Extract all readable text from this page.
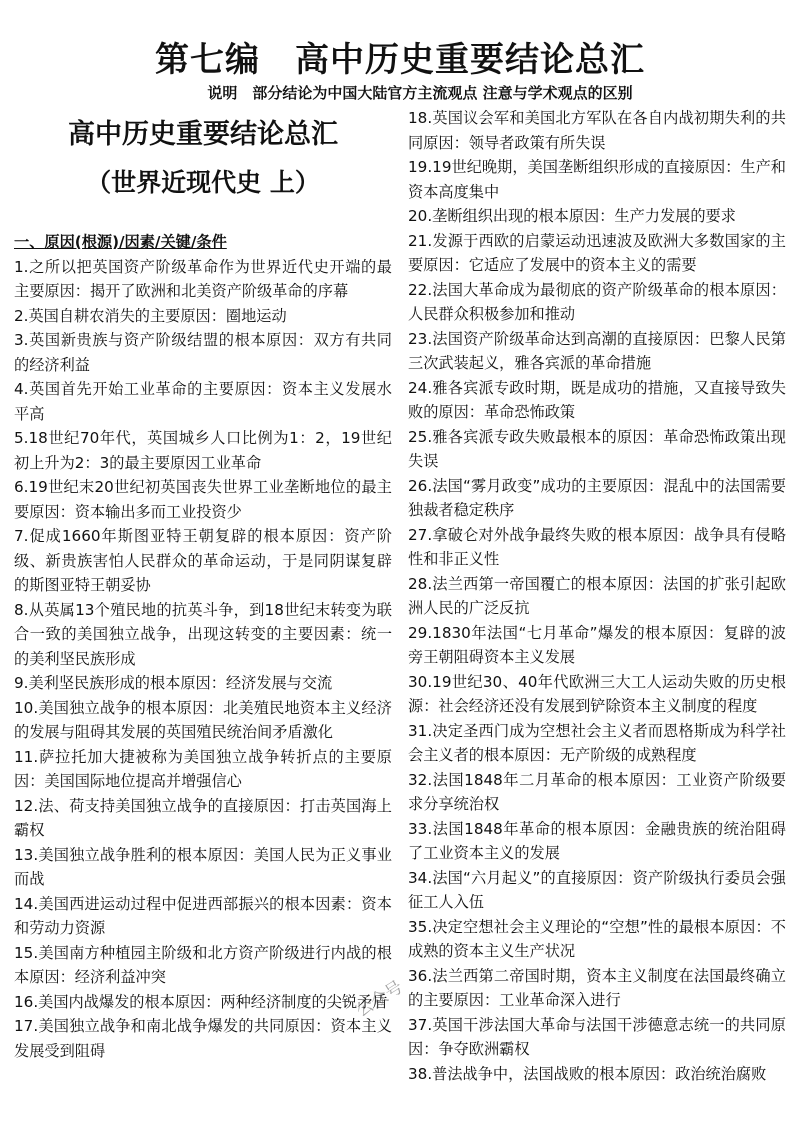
第七编　高中历史重要结论总汇
说明　部分结论为中国大陆官方主流观点 注意与学术观点的区别
高中历史重要结论总汇
（世界近现代史 上）
一、原因(根源)/因素/关键/条件
1.之所以把英国资产阶级革命作为世界近代史开端的最主要原因：揭开了欧洲和北美资产阶级革命的序幕
2.英国自耕农消失的主要原因：圈地运动
3.英国新贵族与资产阶级结盟的根本原因：双方有共同的经济利益
4.英国首先开始工业革命的主要原因：资本主义发展水平高
5.18世纪70年代，英国城乡人口比例为1：2，19世纪初上升为2：3的最主要原因工业革命
6.19世纪末20世纪初英国丧失世界工业垄断地位的最主要原因：资本输出多而工业投资少
7.促成1660年斯图亚特王朝复辟的根本原因：资产阶级、新贵族害怕人民群众的革命运动，于是同阴谋复辟的斯图亚特王朝妥协
8.从英属13个殖民地的抗英斗争，到18世纪末转变为联合一致的美国独立战争，出现这转变的主要因素：统一的美利坚民族形成
9.美利坚民族形成的根本原因：经济发展与交流
10.美国独立战争的根本原因：北美殖民地资本主义经济的发展与阻碍其发展的英国殖民统治间矛盾激化
11.萨拉托加大捷被称为美国独立战争转折点的主要原因：美国国际地位提高并增强信心
12.法、荷支持美国独立战争的直接原因：打击英国海上霸权
13.美国独立战争胜利的根本原因：美国人民为正义事业而战
14.美国西进运动过程中促进西部振兴的根本因素：资本和劳动力资源
15.美国南方种植园主阶级和北方资产阶级进行内战的根本原因：经济利益冲突
16.美国内战爆发的根本原因：两种经济制度的尖锐矛盾
17.美国独立战争和南北战争爆发的共同原因：资本主义发展受到阻碍
18.英国议会军和美国北方军队在各自内战初期失利的共同原因：领导者政策有所失误
19.19世纪晚期，美国垄断组织形成的直接原因：生产和资本高度集中
20.垄断组织出现的根本原因：生产力发展的要求
21.发源于西欧的启蒙运动迅速波及欧洲大多数国家的主要原因：它适应了发展中的资本主义的需要
22.法国大革命成为最彻底的资产阶级革命的根本原因：人民群众积极参加和推动
23.法国资产阶级革命达到高潮的直接原因：巴黎人民第三次武装起义，雅各宾派的革命措施
24.雅各宾派专政时期，既是成功的措施，又直接导致失败的原因：革命恐怖政策
25.雅各宾派专政失败最根本的原因：革命恐怖政策出现失误
26.法国“雾月政变”成功的主要原因：混乱中的法国需要独裁者稳定秩序
27.拿破仑对外战争最终失败的根本原因：战争具有侵略性和非正义性
28.法兰西第一帝国覆亡的根本原因：法国的扩张引起欧洲人民的广泛反抗
29.1830年法国“七月革命”爆发的根本原因：复辟的波旁王朝阻碍资本主义发展
30.19世纪30、40年代欧洲三大工人运动失败的历史根源：社会经济还没有发展到铲除资本主义制度的程度
31.决定圣西门成为空想社会主义者而恩格斯成为科学社会主义者的根本原因：无产阶级的成熟程度
32.法国1848年二月革命的根本原因：工业资产阶级要求分享统治权
33.法国1848年革命的根本原因：金融贵族的统治阻碍了工业资本主义的发展
34.法国“六月起义”的直接原因：资产阶级执行委员会强征工人入伍
35.决定空想社会主义理论的“空想”性的最根本原因：不成熟的资本主义生产状况
36.法兰西第二帝国时期，资本主义制度在法国最终确立的主要原因：工业革命深入进行
37.英国干涉法国大革命与法国干涉德意志统一的共同原因：争夺欧洲霸权
38.普法战争中，法国战败的根本原因：政治统治腐败
公众号
